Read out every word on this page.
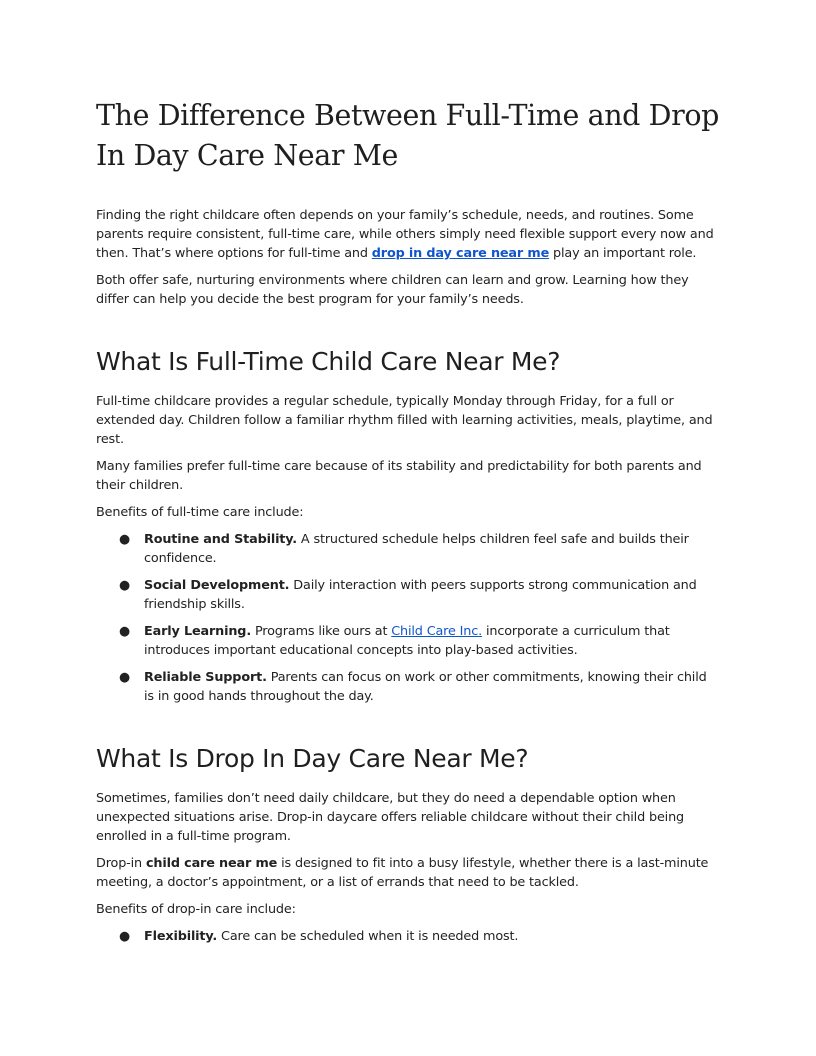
The Difference Between Full-Time and Drop In Day Care Near Me

Finding the right childcare often depends on your family’s schedule, needs, and routines. Some parents require consistent, full-time care, while others simply need flexible support every now and then. That’s where options for full-time and drop in day care near me play an important role.

Both offer safe, nurturing environments where children can learn and grow. Learning how they differ can help you decide the best program for your family’s needs.

What Is Full-Time Child Care Near Me?

Full-time childcare provides a regular schedule, typically Monday through Friday, for a full or extended day. Children follow a familiar rhythm filled with learning activities, meals, playtime, and rest.

Many families prefer full-time care because of its stability and predictability for both parents and their children.

Benefits of full-time care include:

● Routine and Stability. A structured schedule helps children feel safe and builds their confidence.
● Social Development. Daily interaction with peers supports strong communication and friendship skills.
● Early Learning. Programs like ours at Child Care Inc. incorporate a curriculum that introduces important educational concepts into play-based activities.
● Reliable Support. Parents can focus on work or other commitments, knowing their child is in good hands throughout the day.
What Is Drop In Day Care Near Me?

Sometimes, families don’t need daily childcare, but they do need a dependable option when unexpected situations arise. Drop-in daycare offers reliable childcare without their child being enrolled in a full-time program.

Drop-in child care near me is designed to fit into a busy lifestyle, whether there is a last-minute meeting, a doctor’s appointment, or a list of errands that need to be tackled.

Benefits of drop-in care include:

● Flexibility. Care can be scheduled when it is needed most.
